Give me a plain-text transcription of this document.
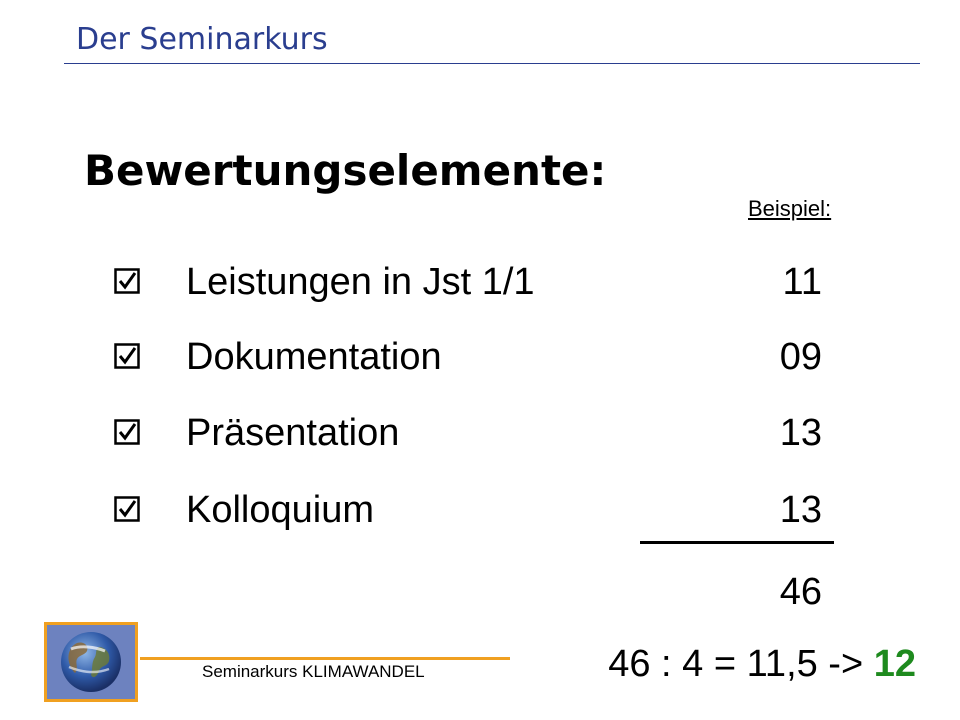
Der Seminarkurs
Bewertungselemente:
Beispiel:
Leistungen in Jst 1/1	11
Dokumentation	09
Präsentation	13
Kolloquium	13
46
46 : 4 = 11,5 -> 12
Seminarkurs KLIMAWANDEL
